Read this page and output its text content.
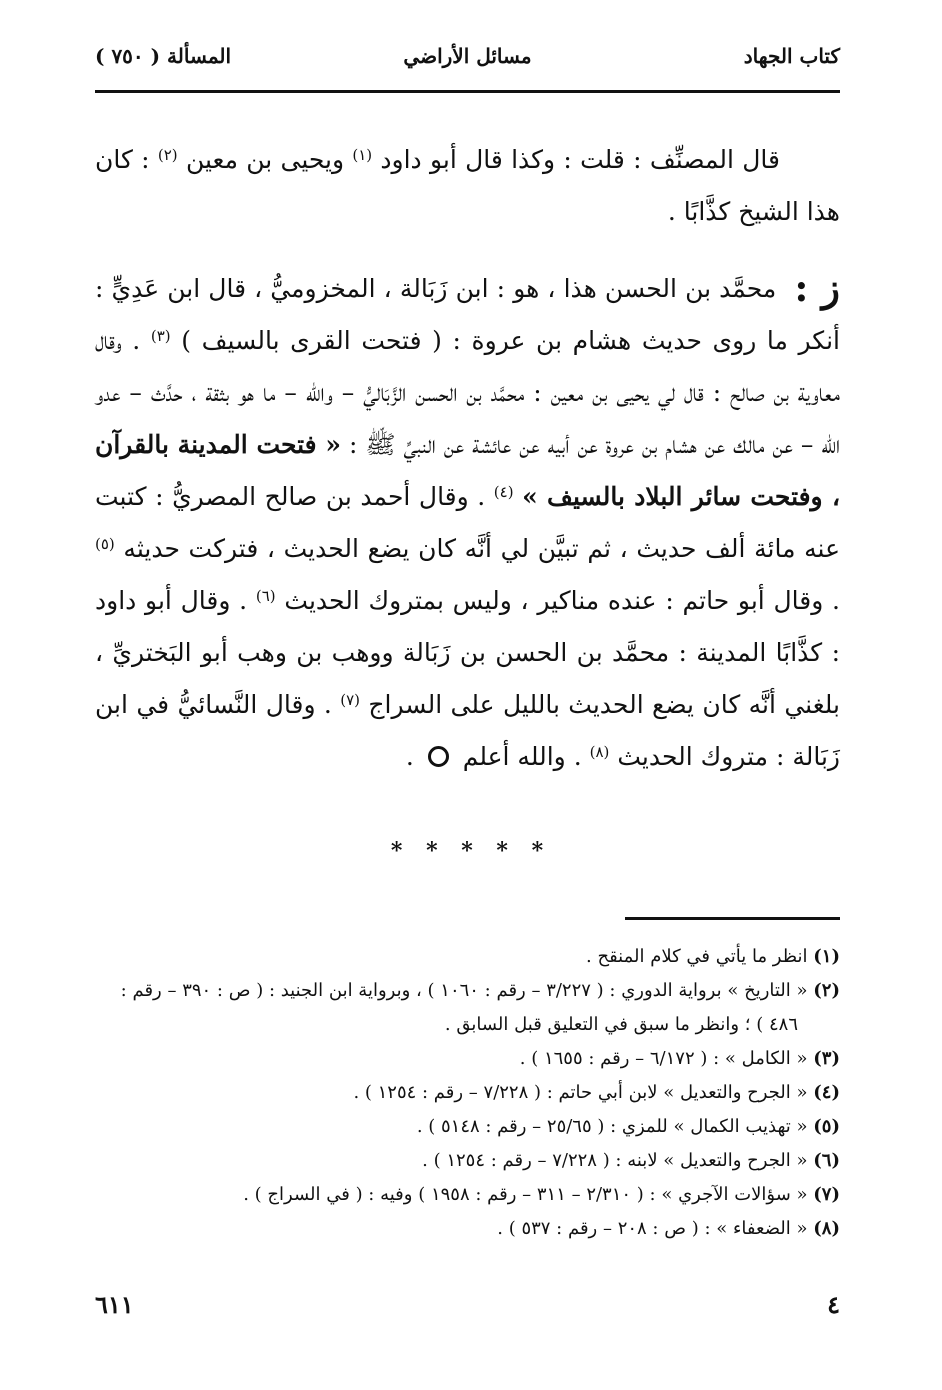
كتاب الجهاد
مسائل الأراضي
المسألة ( ٧٥٠ )

قال المصنِّف : قلت : وكذا قال أبو داود $^{(١)}$ ويحيى بن معين $^{(٢)}$ : كان هذا الشيخ كذَّابًا .

ز : محمَّد بن الحسن هذا ، هو : ابن زَبَالة ، المخزوميُّ ، قال ابن عَدِيٍّ : أنكر ما روى حديث هشام بن عروة : ( فتحت القرى بالسيف ) $^{(٣)}$ . وقال معاوية بن صالح : قال لي يحيى بن معين : محمَّد بن الحسن الزَّبَاليُّ – والله – ما هو بثقة ، حدَّث – عدو الله – عن مالك عن هشام بن عروة عن أبيه عن عائشة عن النبيِّ ﷺ : « فتحت المدينة بالقرآن ، وفتحت سائر البلاد بالسيف » $^{(٤)}$ . وقال أحمد بن صالح المصريُّ : كتبت عنه مائة ألف حديث ، ثم تبيَّن لي أنَّه كان يضع الحديث ، فتركت حديثه $^{(٥)}$ . وقال أبو حاتم : عنده مناكير ، وليس بمتروك الحديث $^{(٦)}$ . وقال أبو داود : كذَّابًا المدينة : محمَّد بن الحسن بن زَبَالة ووهب بن وهب أبو البَختريِّ ، بلغني أنَّه كان يضع الحديث بالليل على السراج $^{(٧)}$ . وقال النَّسائيُّ في ابن زَبَالة : متروك الحديث $^{(٨)}$ . والله أعلم  .

* * * * *
(١) انظر ما يأتي في كلام المنقح .
(٢) « التاريخ » برواية الدوري : ( ٣/٢٢٧ – رقم : ١٠٦٠ ) ، وبرواية ابن الجنيد : ( ص : ٣٩٠ – رقم : ٤٨٦ ) ؛ وانظر ما سبق في التعليق قبل السابق .
(٣) « الكامل » : ( ٦/١٧٢ – رقم : ١٦٥٥ ) .
(٤) « الجرح والتعديل » لابن أبي حاتم : ( ٧/٢٢٨ – رقم : ١٢٥٤ ) .
(٥) « تهذيب الكمال » للمزي : ( ٢٥/٦٥ – رقم : ٥١٤٨ ) .
(٦) « الجرح والتعديل » لابنه : ( ٧/٢٢٨ – رقم : ١٢٥٤ ) .
(٧) « سؤالات الآجري » : ( ٢/٣١٠ – ٣١١ – رقم : ١٩٥٨ ) وفيه : ( في السراج ) .
(٨) « الضعفاء » : ( ص : ٢٠٨ – رقم : ٥٣٧ ) .
٦١١	٤
